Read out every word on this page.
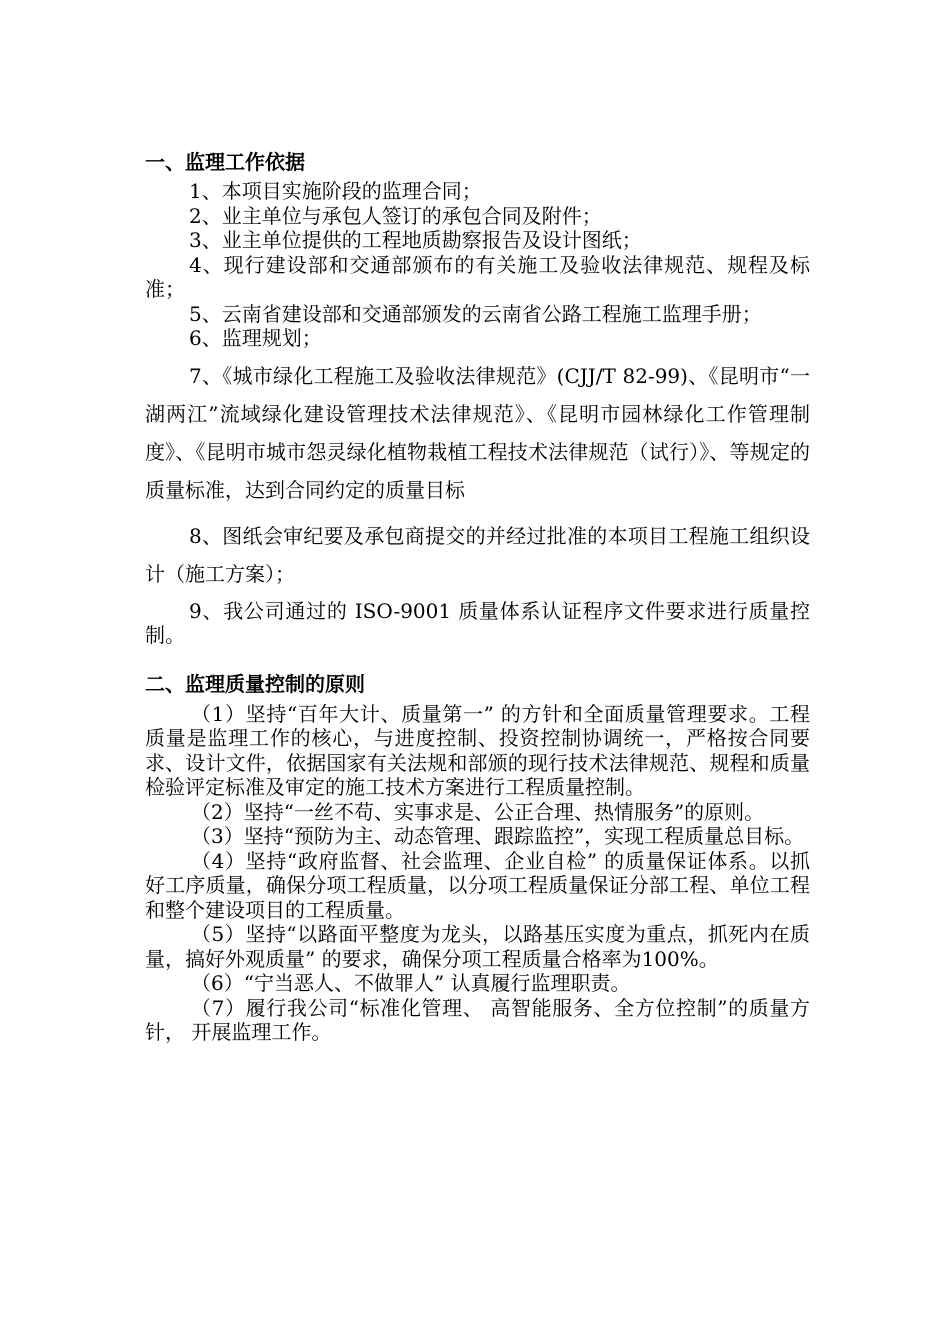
一、监理工作依据

1、本项目实施阶段的监理合同；

2、业主单位与承包人签订的承包合同及附件；

3、业主单位提供的工程地质勘察报告及设计图纸；

4、现行建设部和交通部颁布的有关施工及验收法律规范、规程及标准；

5、云南省建设部和交通部颁发的云南省公路工程施工监理手册；

6、监理规划；

7、《城市绿化工程施工及验收法律规范》(CJJ/T 82-99)、《昆明市“一湖两江”流域绿化建设管理技术法律规范》、《昆明市园林绿化工作管理制度》、《昆明市城市怨灵绿化植物栽植工程技术法律规范（试行）》、等规定的质量标准，达到合同约定的质量目标

8、图纸会审纪要及承包商提交的并经过批准的本项目工程施工组织设计（施工方案）；

9、我公司通过的 ISO-9001 质量体系认证程序文件要求进行质量控制。

二、监理质量控制的原则

（1）坚持“百年大计、质量第一” 的方针和全面质量管理要求。工程质量是监理工作的核心，与进度控制、投资控制协调统一，严格按合同要求、设计文件，依据国家有关法规和部颁的现行技术法律规范、规程和质量检验评定标准及审定的施工技术方案进行工程质量控制。

（2）坚持“一丝不苟、实事求是、公正合理、热情服务”的原则。

（3）坚持“预防为主、动态管理、跟踪监控”，实现工程质量总目标。

（4）坚持“政府监督、社会监理、企业自检” 的质量保证体系。以抓好工序质量，确保分项工程质量，以分项工程质量保证分部工程、单位工程和整个建设项目的工程质量。

（5）坚持“以路面平整度为龙头，以路基压实度为重点，抓死内在质量，搞好外观质量” 的要求，确保分项工程质量合格率为100%。

（6）“宁当恶人、不做罪人” 认真履行监理职责。

（7）履行我公司“标准化管理、 高智能服务、全方位控制”的质量方针， 开展监理工作。
